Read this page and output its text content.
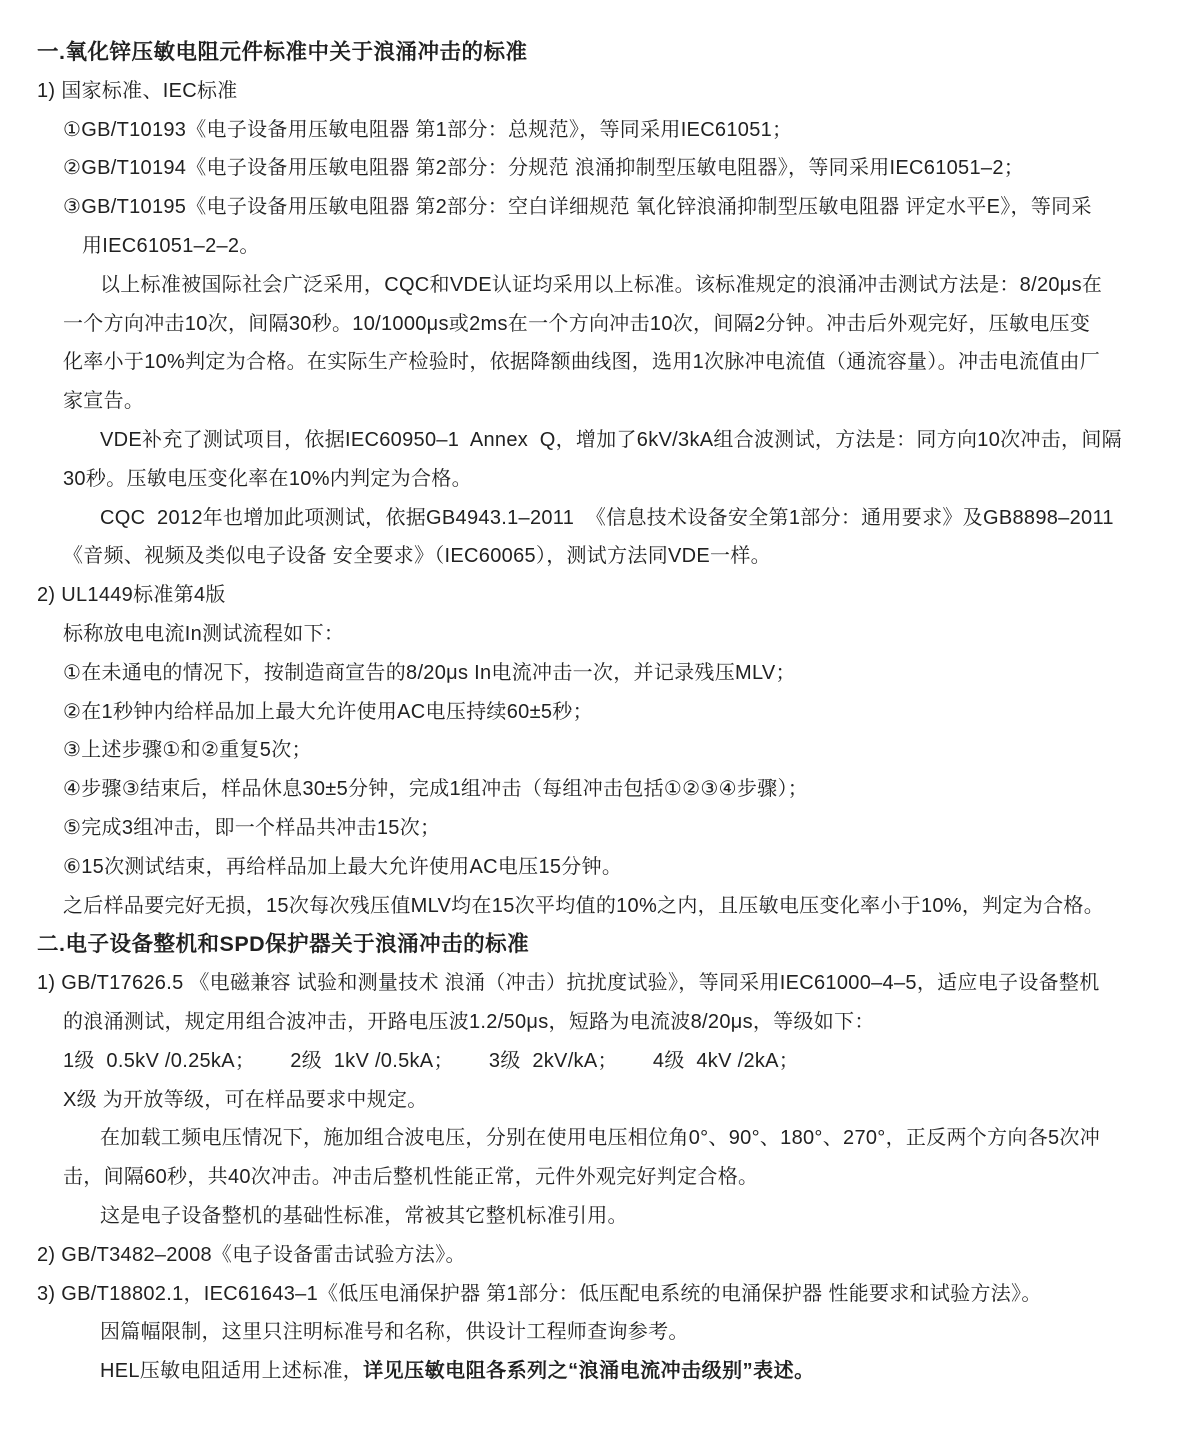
一.氧化锌压敏电阻元件标准中关于浪涌冲击的标准
1) 国家标准、IEC标准
①GB/T10193《电子设备用压敏电阻器 第1部分：总规范》，等同采用IEC61051；
②GB/T10194《电子设备用压敏电阻器 第2部分：分规范 浪涌抑制型压敏电阻器》，等同采用IEC61051–2；
③GB/T10195《电子设备用压敏电阻器 第2部分：空白详细规范 氧化锌浪涌抑制型压敏电阻器 评定水平E》，等同采
用IEC61051–2–2。
以上标准被国际社会广泛采用，CQC和VDE认证均采用以上标准。该标准规定的浪涌冲击测试方法是：8/20μs在
一个方向冲击10次，间隔30秒。10/1000μs或2ms在一个方向冲击10次，间隔2分钟。冲击后外观完好，压敏电压变
化率小于10%判定为合格。在实际生产检验时，依据降额曲线图，选用1次脉冲电流值（通流容量）。冲击电流值由厂
家宣告。
VDE补充了测试项目，依据IEC60950–1  Annex  Q，增加了6kV/3kA组合波测试，方法是：同方向10次冲击，间隔
30秒。压敏电压变化率在10%内判定为合格。
CQC  2012年也增加此项测试，依据GB4943.1–2011  《信息技术设备安全第1部分：通用要求》及GB8898–2011
《音频、视频及类似电子设备 安全要求》（IEC60065），测试方法同VDE一样。
2) UL1449标准第4版
标称放电电流In测试流程如下：
①在未通电的情况下，按制造商宣告的8/20μs In电流冲击一次，并记录残压MLV；
②在1秒钟内给样品加上最大允许使用AC电压持续60±5秒；
③上述步骤①和②重复5次；
④步骤③结束后，样品休息30±5分钟，完成1组冲击（每组冲击包括①②③④步骤）；
⑤完成3组冲击，即一个样品共冲击15次；
⑥15次测试结束，再给样品加上最大允许使用AC电压15分钟。
之后样品要完好无损，15次每次残压值MLV均在15次平均值的10%之内，且压敏电压变化率小于10%，判定为合格。
二.电子设备整机和SPD保护器关于浪涌冲击的标准
1) GB/T17626.5 《电磁兼容 试验和测量技术 浪涌（冲击）抗扰度试验》，等同采用IEC61000–4–5，适应电子设备整机
的浪涌测试，规定用组合波冲击，开路电压波1.2/50μs，短路为电流波8/20μs，等级如下：
1级  0.5kV /0.25kA；      2级  1kV /0.5kA；      3级  2kV/kA；      4级  4kV /2kA；
X级 为开放等级，可在样品要求中规定。
在加载工频电压情况下，施加组合波电压，分别在使用电压相位角0°、90°、180°、270°，正反两个方向各5次冲
击，间隔60秒，共40次冲击。冲击后整机性能正常，元件外观完好判定合格。
这是电子设备整机的基础性标准，常被其它整机标准引用。
2) GB/T3482–2008《电子设备雷击试验方法》。
3) GB/T18802.1，IEC61643–1《低压电涌保护器 第1部分：低压配电系统的电涌保护器 性能要求和试验方法》。
因篇幅限制，这里只注明标准号和名称，供设计工程师查询参考。
HEL压敏电阻适用上述标准，详见压敏电阻各系列之“浪涌电流冲击级别”表述。
